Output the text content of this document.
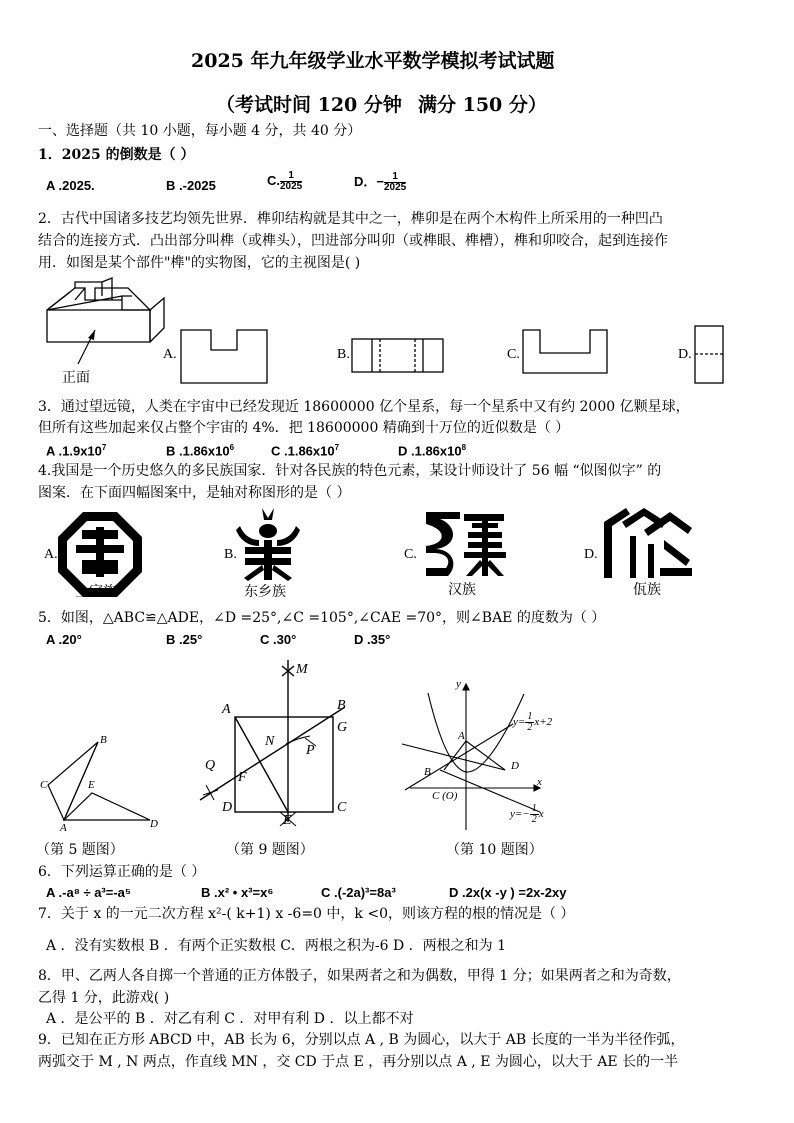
2025 年九年级学业水平数学模拟考试试题
（考试时间 120 分钟 满分 150 分）
一、选择题（共 10 小题，每小题 4 分，共 40 分）
1．2025 的倒数是（ ）
A .2025.	B .-2025	C. $\frac{1}{2025}$	D．− $\frac{1}{2025}$
2．古代中国诸多技艺均领先世界．榫卯结构就是其中之一，榫卯是在两个木构件上所采用的一种凹凸
结合的连接方式．凸出部分叫榫（或榫头），凹进部分叫卯（或榫眼、榫槽），榫和卯咬合，起到连接作
用．如图是某个部件"榫"的实物图，它的主视图是( )
正面
A.	B.	C.	D.
3．通过望远镜，人类在宇宙中已经发现近 18600000 亿个星系，每一个星系中又有约 2000 亿颗星球，
但所有这些加起来仅占整个宇宙的 4%．把 18600000 精确到十万位的近似数是（ ）
A $.1.9x10^7$	B $.1.86x10^6$	C $.1.86x10^7$	D $.1.86x10^8$
4.我国是一个历史悠久的多民族国家．针对各民族的特色元素，某设计师设计了 56 幅 “似图似字” 的
图案．在下面四幅图案中，是轴对称图形的是（ ）
A.	B.	C.	D.
土家族	东乡族	汉族	佤族
5．如图，△ABC≌△ADE，∠D =25°,∠C =105°,∠CAE =70°，则∠BAE 的度数为（ ）
A .20°	B .25°	C .30°	D .35°
B
C	E
A	D
M
A	B
G
N
P
Q
F
D
E
C
y
A
B	D
C (O)
x
$y= \frac{1}{2} x+2$
$y=- \frac{1}{2}$ x
（第 5 题图）	（第 9 题图）	（第 10 题图）
6．下列运算正确的是（ ）
A .-a⁸ ÷ a³=-a⁵	B .x² • x³=x⁶	C .(-2a)³=8a³	D .2x(x -y ) =2x-2xy
7．关于 x 的一元二次方程 x²-( k+1) x -6=0 中，k <0，则该方程的根的情况是（ ）
A ．没有实数根 B ．有两个正实数根 C．两根之积为-6 D ．两根之和为 1
8．甲、乙两人各自掷一个普通的正方体骰子，如果两者之和为偶数，甲得 1 分；如果两者之和为奇数，
乙得 1 分，此游戏( )
A ．是公平的 B ．对乙有利 C ．对甲有利 D ．以上都不对
9．已知在正方形 ABCD 中，AB 长为 6，分别以点 A , B 为圆心，以大于 AB 长度的一半为半径作弧，
两弧交于 M , N 两点，作直线 MN ，交 CD 于点 E ，再分别以点 A , E 为圆心，以大于 AE 长的一半
